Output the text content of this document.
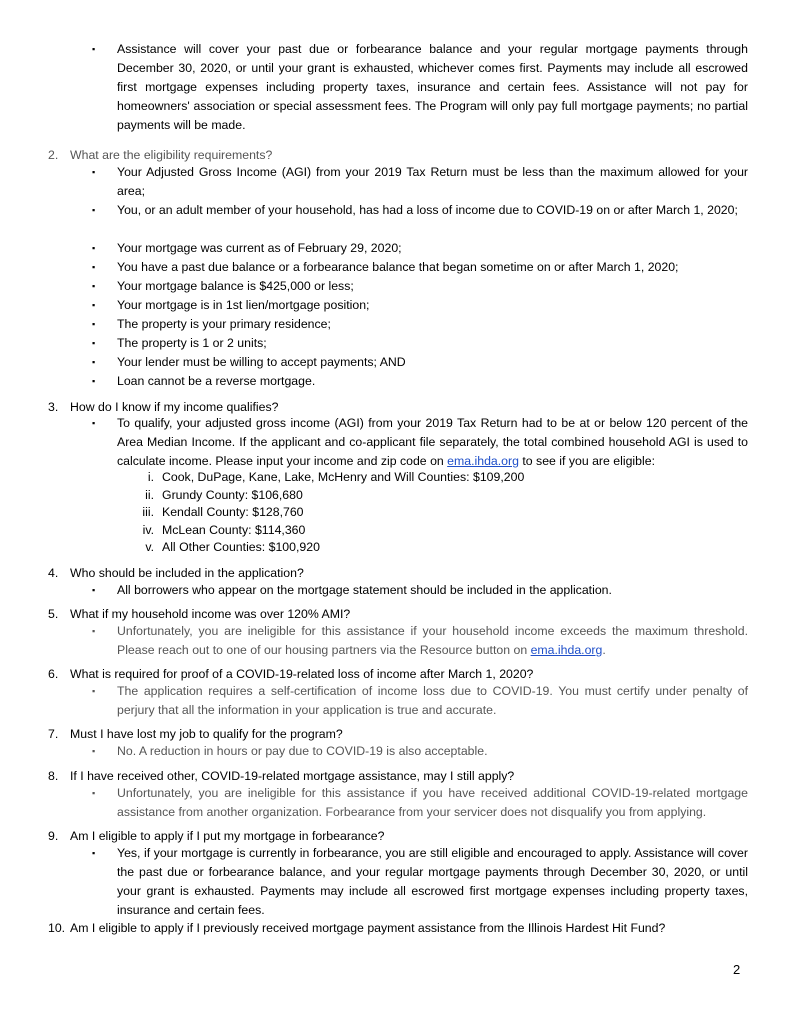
▪ Assistance will cover your past due or forbearance balance and your regular mortgage payments through December 30, 2020, or until your grant is exhausted, whichever comes first. Payments may include all escrowed first mortgage expenses including property taxes, insurance and certain fees. Assistance will not pay for homeowners' association or special assessment fees. The Program will only pay full mortgage payments; no partial payments will be made.
2. What are the eligibility requirements?
▪ Your Adjusted Gross Income (AGI) from your 2019 Tax Return must be less than the maximum allowed for your area;
▪ You, or an adult member of your household, has had a loss of income due to COVID-19 on or after March 1, 2020;
▪ Your mortgage was current as of February 29, 2020;
▪ You have a past due balance or a forbearance balance that began sometime on or after March 1, 2020;
▪ Your mortgage balance is $425,000 or less;
▪ Your mortgage is in 1st lien/mortgage position;
▪ The property is your primary residence;
▪ The property is 1 or 2 units;
▪ Your lender must be willing to accept payments; AND
▪ Loan cannot be a reverse mortgage.
3. How do I know if my income qualifies?
▪ To qualify, your adjusted gross income (AGI) from your 2019 Tax Return had to be at or below 120 percent of the Area Median Income. If the applicant and co-applicant file separately, the total combined household AGI is used to calculate income. Please input your income and zip code on ema.ihda.org to see if you are eligible:
i. Cook, DuPage, Kane, Lake, McHenry and Will Counties: $109,200
ii. Grundy County: $106,680
iii. Kendall County: $128,760
iv. McLean County: $114,360
v. All Other Counties: $100,920
4. Who should be included in the application?
▪ All borrowers who appear on the mortgage statement should be included in the application.
5. What if my household income was over 120% AMI?
▪ Unfortunately, you are ineligible for this assistance if your household income exceeds the maximum threshold. Please reach out to one of our housing partners via the Resource button on ema.ihda.org.
6. What is required for proof of a COVID-19-related loss of income after March 1, 2020?
▪ The application requires a self-certification of income loss due to COVID-19. You must certify under penalty of perjury that all the information in your application is true and accurate.
7. Must I have lost my job to qualify for the program?
▪ No. A reduction in hours or pay due to COVID-19 is also acceptable.
8. If I have received other, COVID-19-related mortgage assistance, may I still apply?
▪ Unfortunately, you are ineligible for this assistance if you have received additional COVID-19-related mortgage assistance from another organization. Forbearance from your servicer does not disqualify you from applying.
9. Am I eligible to apply if I put my mortgage in forbearance?
▪ Yes, if your mortgage is currently in forbearance, you are still eligible and encouraged to apply. Assistance will cover the past due or forbearance balance, and your regular mortgage payments through December 30, 2020, or until your grant is exhausted. Payments may include all escrowed first mortgage expenses including property taxes, insurance and certain fees.
10. Am I eligible to apply if I previously received mortgage payment assistance from the Illinois Hardest Hit Fund?
2
